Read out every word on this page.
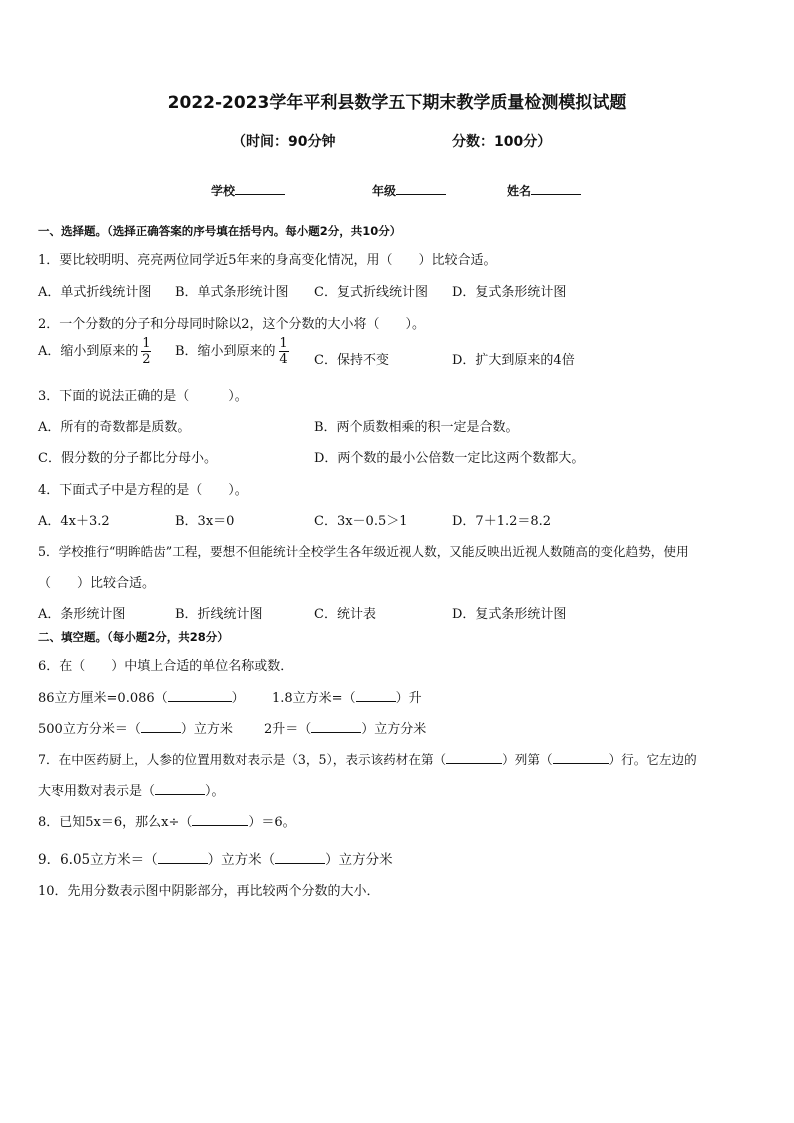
2022-2023学年平利县数学五下期末教学质量检测模拟试题
（时间：90分钟	分数：100分）
学校	年级	姓名
一、选择题。（选择正确答案的序号填在括号内。每小题2分，共10分）
1．要比较明明、亮亮两位同学近5年来的身高变化情况，用（　　）比较合适。
A．单式折线统计图 B．单式条形统计图 C．复式折线统计图 D．复式条形统计图
2．一个分数的分子和分母同时除以2，这个分数的大小将（　　）。
A．缩小到原来的 $\frac{1}{2}$ B．缩小到原来的 $\frac{1}{4}$ C．保持不变	D．扩大到原来的4倍
3．下面的说法正确的是（　　　）。
A．所有的奇数都是质数。	B．两个质数相乘的积一定是合数。
C．假分数的分子都比分母小。	D．两个数的最小公倍数一定比这两个数都大。
4．下面式子中是方程的是（　　）。
A．4x＋3.2	B．3x＝0	C．3x－0.5＞1	D．7＋1.2＝8.2
5．学校推行“明眸皓齿”工程，要想不但能统计全校学生各年级近视人数，又能反映出近视人数随高的变化趋势，使用
（　　）比较合适。
A．条形统计图	B．折线统计图	C．统计表	D．复式条形统计图
二、填空题。（每小题2分，共28分）
6．在（　　）中填上合适的单位名称或数．
86立方厘米=0.086（	） 1.8立方米=（	）升
500立方分米＝（	）立方米 2升＝（	）立方分米
7．在中医药厨上，人参的位置用数对表示是（3，5），表示该药材在第（	）列第（	）行。它左边的
大枣用数对表示是（	）。
8．已知5x＝6，那么x÷（	）＝6。
9．6.05立方米＝（	）立方米（	）立方分米
10．先用分数表示图中阴影部分，再比较两个分数的大小．
